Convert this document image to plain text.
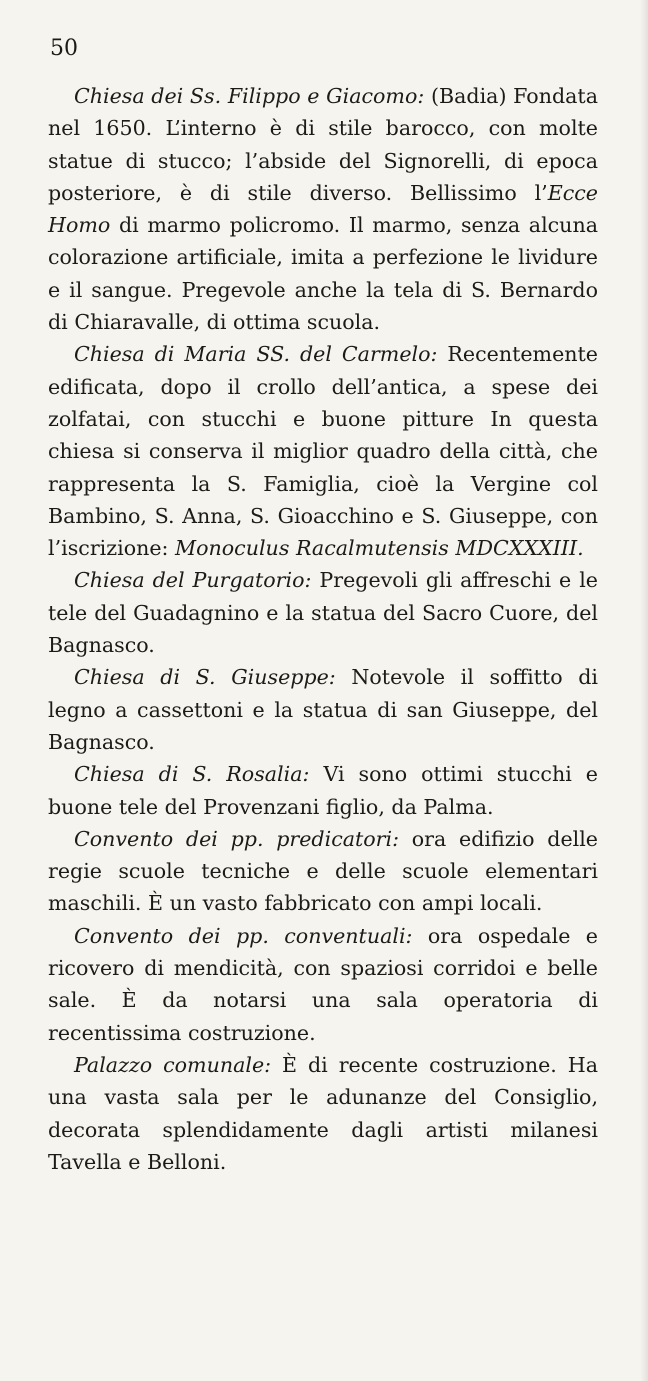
50

Chiesa dei Ss. Filippo e Giacomo: (Badia) Fondata nel 1650. L’interno è di stile barocco, con molte statue di stucco; l’abside del Signorelli, di epoca posteriore, è di stile diverso. Bellissimo l’Ecce Homo di marmo policromo. Il marmo, senza alcuna colorazione artificiale, imita a perfezione le lividure e il sangue. Pregevole anche la tela di S. Bernardo di Chiaravalle, di ottima scuola.

Chiesa di Maria SS. del Carmelo: Recentemente edificata, dopo il crollo dell’antica, a spese dei zolfatai, con stucchi e buone pitture In questa chiesa si conserva il miglior quadro della città, che rappresenta la S. Famiglia, cioè la Vergine col Bambino, S. Anna, S. Gioacchino e S. Giuseppe, con l’iscrizione: Monoculus Racalmutensis MDCXXXIII.

Chiesa del Purgatorio: Pregevoli gli affreschi e le tele del Guadagnino e la statua del Sacro Cuore, del Bagnasco.

Chiesa di S. Giuseppe: Notevole il soffitto di legno a cassettoni e la statua di san Giuseppe, del Bagnasco.

Chiesa di S. Rosalia: Vi sono ottimi stucchi e buone tele del Provenzani figlio, da Palma.

Convento dei pp. predicatori: ora edifizio delle regie scuole tecniche e delle scuole elementari maschili. È un vasto fabbricato con ampi locali.

Convento dei pp. conventuali: ora ospedale e ricovero di mendicità, con spaziosi corridoi e belle sale. È da notarsi una sala operatoria di recentissima costruzione.

Palazzo comunale: È di recente costruzione. Ha una vasta sala per le adunanze del Consiglio, decorata splendidamente dagli artisti milanesi Tavella e Belloni.
